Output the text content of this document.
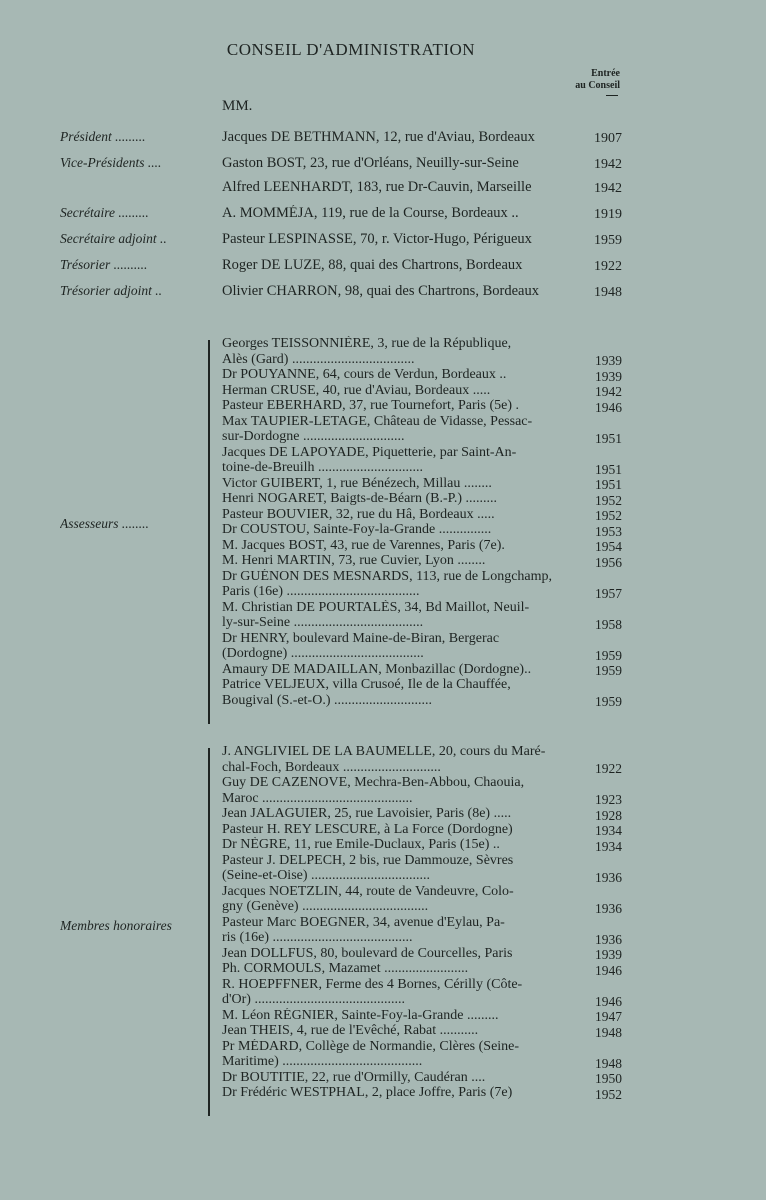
CONSEIL D'ADMINISTRATION
Entrée
au Conseil
MM.
Président .........	Jacques DE BETHMANN, 12, rue d'Aviau, Bordeaux	1907
Vice-Présidents ....	Gaston BOST, 23, rue d'Orléans, Neuilly-sur-Seine	1942
Alfred LEENHARDT, 183, rue Dr-Cauvin, Marseille	1942
Secrétaire .........	A. MOMMÉJA, 119, rue de la Course, Bordeaux ..	1919
Secrétaire adjoint ..	Pasteur LESPINASSE, 70, r. Victor-Hugo, Périgueux	1959
Trésorier ..........	Roger DE LUZE, 88, quai des Chartrons, Bordeaux	1922
Trésorier adjoint ..	Olivier CHARRON, 98, quai des Chartrons, Bordeaux	1948
Assesseurs ........
Georges TEISSONNIÈRE, 3, rue de la République,
Alès (Gard) ...................................	1939
Dr POUYANNE, 64, cours de Verdun, Bordeaux ..	1939
Herman CRUSE, 40, rue d'Aviau, Bordeaux .....	1942
Pasteur EBERHARD, 37, rue Tournefort, Paris (5e) .	1946
Max TAUPIER-LETAGE, Château de Vidasse, Pessac-
sur-Dordogne .............................	1951
Jacques DE LAPOYADE, Piquetterie, par Saint-An-
toine-de-Breuilh ..............................	1951
Victor GUIBERT, 1, rue Bénézech, Millau ........	1951
Henri NOGARET, Baigts-de-Béarn (B.-P.) .........	1952
Pasteur BOUVIER, 32, rue du Hâ, Bordeaux .....	1952
Dr COUSTOU, Sainte-Foy-la-Grande ...............	1953
M. Jacques BOST, 43, rue de Varennes, Paris (7e).	1954
M. Henri MARTIN, 73, rue Cuvier, Lyon ........	1956
Dr GUÉNON DES MESNARDS, 113, rue de Longchamp,
Paris (16e) ......................................	1957
M. Christian DE POURTALÈS, 34, Bd Maillot, Neuil-
ly-sur-Seine .....................................	1958
Dr HENRY, boulevard Maine-de-Biran, Bergerac
(Dordogne) ......................................	1959
Amaury DE MADAILLAN, Monbazillac (Dordogne)..	1959
Patrice VELJEUX, villa Crusoé, Ile de la Chauffée,
Bougival (S.-et-O.) ............................	1959
Membres honoraires
J. ANGLIVIEL DE LA BAUMELLE, 20, cours du Maré-
chal-Foch, Bordeaux ............................	1922
Guy DE CAZENOVE, Mechra-Ben-Abbou, Chaouia,
Maroc ...........................................	1923
Jean JALAGUIER, 25, rue Lavoisier, Paris (8e) .....	1928
Pasteur H. REY LESCURE, à La Force (Dordogne)	1934
Dr NÈGRE, 11, rue Emile-Duclaux, Paris (15e) ..	1934
Pasteur J. DELPECH, 2 bis, rue Dammouze, Sèvres
(Seine-et-Oise) ..................................	1936
Jacques NOETZLIN, 44, route de Vandeuvre, Colo-
gny (Genève) ....................................	1936
Pasteur Marc BOEGNER, 34, avenue d'Eylau, Pa-
ris (16e) ........................................	1936
Jean DOLLFUS, 80, boulevard de Courcelles, Paris	1939
Ph. CORMOULS, Mazamet ........................	1946
R. HOEPFFNER, Ferme des 4 Bornes, Cérilly (Côte-
d'Or) ...........................................	1946
M. Léon RÉGNIER, Sainte-Foy-la-Grande .........	1947
Jean THEIS, 4, rue de l'Evêché, Rabat ...........	1948
Pr MÉDARD, Collège de Normandie, Clères (Seine-
Maritime) ........................................	1948
Dr BOUTITIE, 22, rue d'Ormilly, Caudéran ....	1950
Dr Frédéric WESTPHAL, 2, place Joffre, Paris (7e)	1952
